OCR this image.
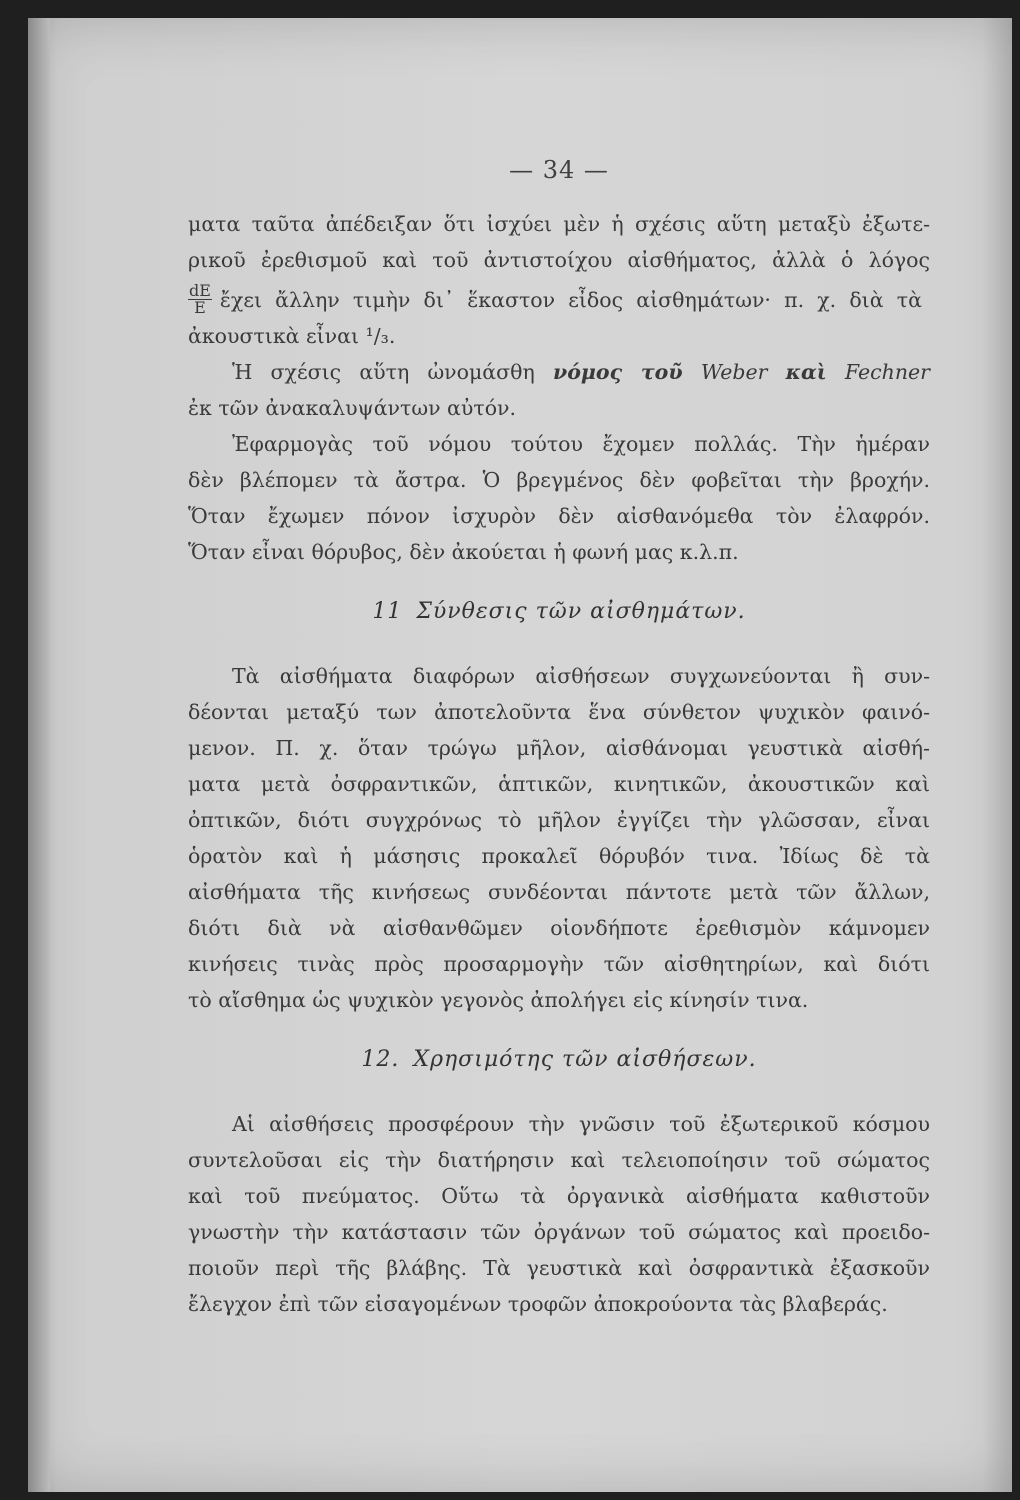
— 34 —
ματα ταῦτα ἀπέδειξαν ὅτι ἰσχύει μὲν ἡ σχέσις αὕτη μεταξὺ ἐξωτε-
ρικοῦ ἐρεθισμοῦ καὶ τοῦ ἀντιστοίχου αἰσθήματος, ἀλλὰ ὁ λόγος
$\frac{dE}{E}$ ἔχει ἄλλην τιμὴν δι᾽ ἕκαστον εἶδος αἰσθημάτων· π. χ. διὰ τὰ
ἀκουστικὰ εἶναι ¹/₃.
Ἡ σχέσις αὕτη ὠνομάσθη νόμος τοῦ Weber καὶ Fechner
ἐκ τῶν ἀνακαλυψάντων αὐτόν.
Ἐφαρμογὰς τοῦ νόμου τούτου ἔχομεν πολλάς. Τὴν ἡμέραν
δὲν βλέπομεν τὰ ἄστρα. Ὁ βρεγμένος δὲν φοβεῖται τὴν βροχήν.
Ὅταν ἔχωμεν πόνον ἰσχυρὸν δὲν αἰσθανόμεθα τὸν ἐλαφρόν.
Ὅταν εἶναι θόρυβος, δὲν ἀκούεται ἡ φωνή μας κ.λ.π.
11 Σύνθεσις τῶν αἰσθημάτων.
Τὰ αἰσθήματα διαφόρων αἰσθήσεων συγχωνεύονται ἢ συν-
δέονται μεταξύ των ἀποτελοῦντα ἕνα σύνθετον ψυχικὸν φαινό-
μενον. Π. χ. ὅταν τρώγω μῆλον, αἰσθάνομαι γευστικὰ αἰσθή-
ματα μετὰ ὀσφραντικῶν, ἁπτικῶν, κινητικῶν, ἀκουστικῶν καὶ
ὀπτικῶν, διότι συγχρόνως τὸ μῆλον ἐγγίζει τὴν γλῶσσαν, εἶναι
ὁρατὸν καὶ ἡ μάσησις προκαλεῖ θόρυβόν τινα. Ἰδίως δὲ τὰ
αἰσθήματα τῆς κινήσεως συνδέονται πάντοτε μετὰ τῶν ἄλλων,
διότι διὰ νὰ αἰσθανθῶμεν οἱονδήποτε ἐρεθισμὸν κάμνομεν
κινήσεις τινὰς πρὸς προσαρμογὴν τῶν αἰσθητηρίων, καὶ διότι
τὸ αἴσθημα ὡς ψυχικὸν γεγονὸς ἀπολήγει εἰς κίνησίν τινα.
12. Χρησιμότης τῶν αἰσθήσεων.
Αἱ αἰσθήσεις προσφέρουν τὴν γνῶσιν τοῦ ἐξωτερικοῦ κόσμου
συντελοῦσαι εἰς τὴν διατήρησιν καὶ τελειοποίησιν τοῦ σώματος
καὶ τοῦ πνεύματος. Οὕτω τὰ ὀργανικὰ αἰσθήματα καθιστοῦν
γνωστὴν τὴν κατάστασιν τῶν ὀργάνων τοῦ σώματος καὶ προειδο-
ποιοῦν περὶ τῆς βλάβης. Τὰ γευστικὰ καὶ ὀσφραντικὰ ἐξασκοῦν
ἔλεγχον ἐπὶ τῶν εἰσαγομένων τροφῶν ἀποκρούοντα τὰς βλαβεράς.
